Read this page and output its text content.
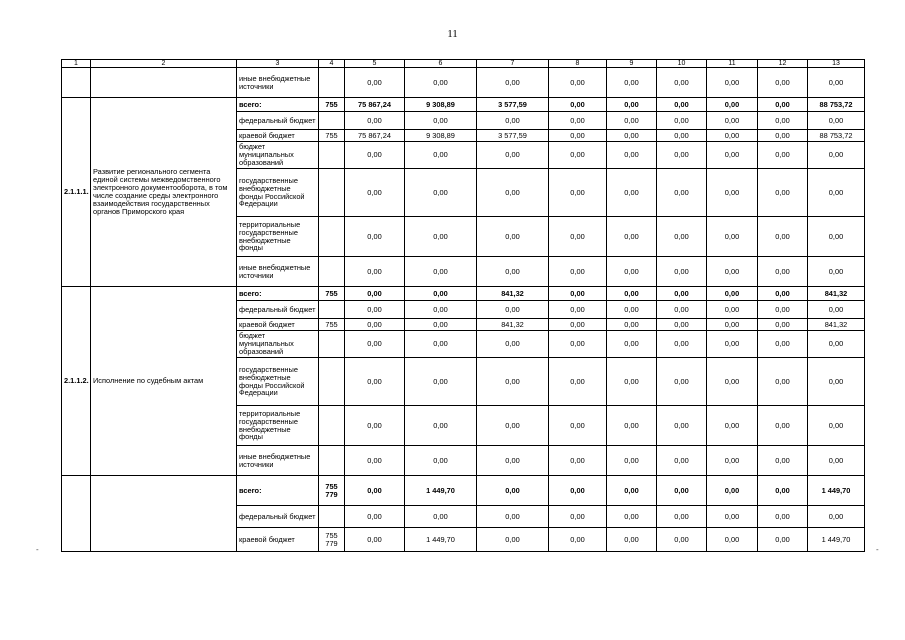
11
1	2	3	4	5	6	7	8	9	10	11	12	13
		иные внебюджетные источники		0,00	0,00	0,00	0,00	0,00	0,00	0,00	0,00	0,00
2.1.1.1.	Развитие регионального сегмента единой системы межведомственного электронного документооборота, в том числе создание среды электронного взаимодействия государственных органов Приморского края	всего:	755	75 867,24	9 308,89	3 577,59	0,00	0,00	0,00	0,00	0,00	88 753,72
		федеральный бюджет		0,00	0,00	0,00	0,00	0,00	0,00	0,00	0,00	0,00
		краевой бюджет	755	75 867,24	9 308,89	3 577,59	0,00	0,00	0,00	0,00	0,00	88 753,72
		бюджет муниципальных образований		0,00	0,00	0,00	0,00	0,00	0,00	0,00	0,00	0,00
		государственные внебюджетные фонды Российской Федерации		0,00	0,00	0,00	0,00	0,00	0,00	0,00	0,00	0,00
		территориальные государственные внебюджетные фонды		0,00	0,00	0,00	0,00	0,00	0,00	0,00	0,00	0,00
		иные внебюджетные источники		0,00	0,00	0,00	0,00	0,00	0,00	0,00	0,00	0,00
2.1.1.2.	Исполнение по судебным актам	всего:	755	0,00	0,00	841,32	0,00	0,00	0,00	0,00	0,00	841,32
		федеральный бюджет		0,00	0,00	0,00	0,00	0,00	0,00	0,00	0,00	0,00
		краевой бюджет	755	0,00	0,00	841,32	0,00	0,00	0,00	0,00	0,00	841,32
		бюджет муниципальных образований		0,00	0,00	0,00	0,00	0,00	0,00	0,00	0,00	0,00
		государственные внебюджетные фонды Российской Федерации		0,00	0,00	0,00	0,00	0,00	0,00	0,00	0,00	0,00
		территориальные государственные внебюджетные фонды		0,00	0,00	0,00	0,00	0,00	0,00	0,00	0,00	0,00
		иные внебюджетные источники		0,00	0,00	0,00	0,00	0,00	0,00	0,00	0,00	0,00
		всего:	755 779	0,00	1 449,70	0,00	0,00	0,00	0,00	0,00	0,00	1 449,70
		федеральный бюджет		0,00	0,00	0,00	0,00	0,00	0,00	0,00	0,00	0,00
		краевой бюджет	755 779	0,00	1 449,70	0,00	0,00	0,00	0,00	0,00	0,00	1 449,70
-	-
